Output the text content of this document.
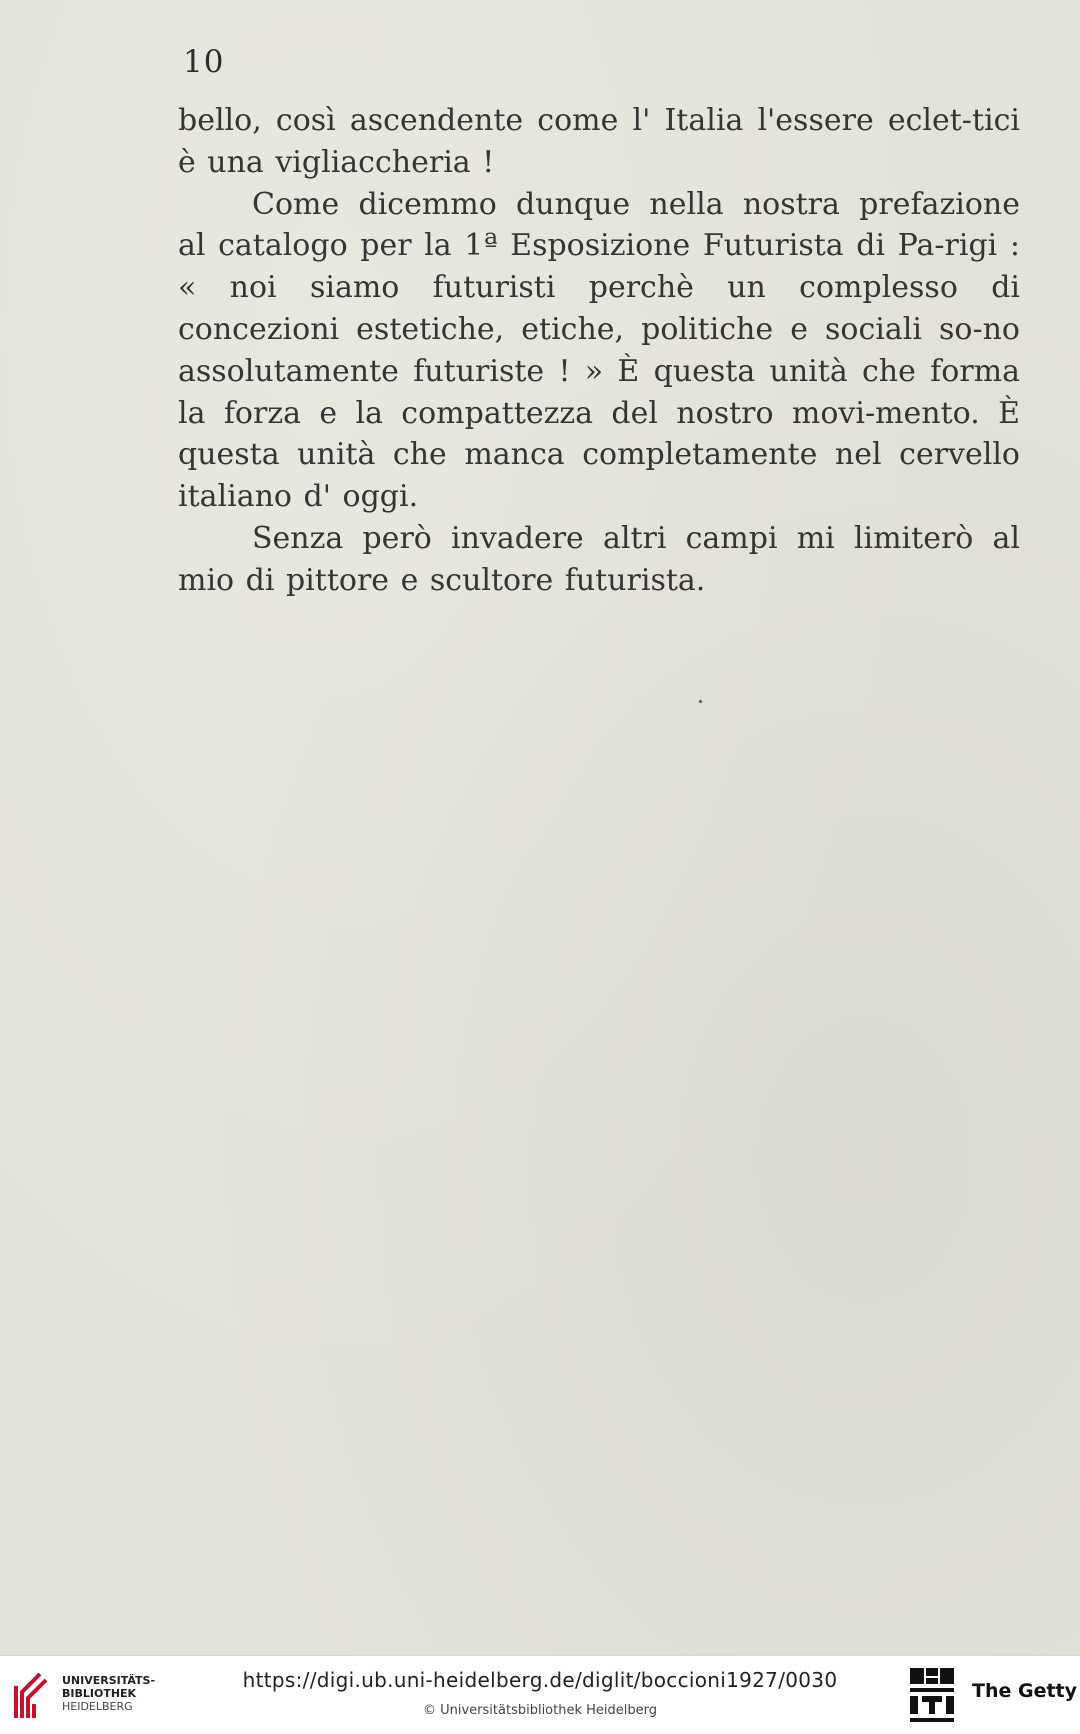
10

bello, così ascendente come l' Italia l'essere eclet-tici è una vigliaccheria !

Come dicemmo dunque nella nostra prefazione al catalogo per la 1ª Esposizione Futurista di Pa-rigi : « noi siamo futuristi perchè un complesso di concezioni estetiche, etiche, politiche e sociali so-no assolutamente futuriste ! » È questa unità che forma la forza e la compattezza del nostro movi-mento. È questa unità che manca completamente nel cervello italiano d' oggi.

Senza però invadere altri campi mi limiterò al mio di pittore e scultore futurista.

UNIVERSITÄTS-
BIBLIOTHEK
HEIDELBERG
https://digi.ub.uni-heidelberg.de/diglit/boccioni1927/0030
© Universitätsbibliothek Heidelberg
The Getty
